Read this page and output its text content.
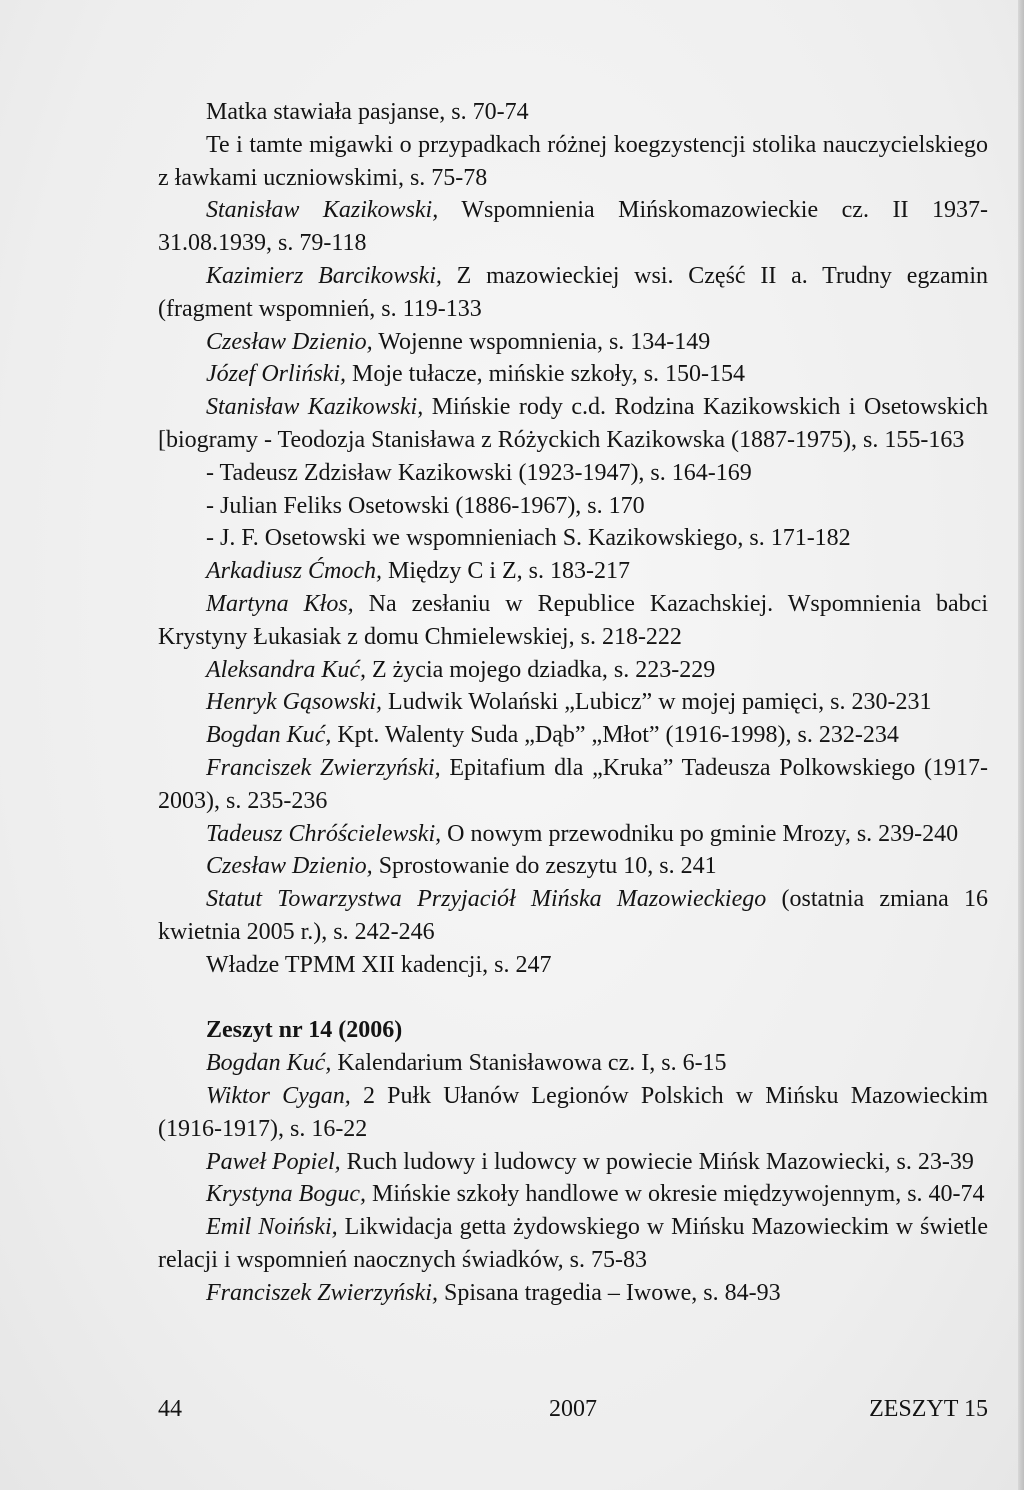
Matka stawiała pasjanse, s. 70-74

Te i tamte migawki o przypadkach różnej koegzystencji stolika nauczycielskiego z ławkami uczniowskimi, s. 75-78

Stanisław Kazikowski, Wspomnienia Mińskomazowieckie cz. II 1937-31.08.1939, s. 79-118

Kazimierz Barcikowski, Z mazowieckiej wsi. Część II a. Trudny egzamin (fragment wspomnień, s. 119-133

Czesław Dzienio, Wojenne wspomnienia, s. 134-149

Józef Orliński, Moje tułacze, mińskie szkoły, s. 150-154

Stanisław Kazikowski, Mińskie rody c.d. Rodzina Kazikowskich i Osetowskich [biogramy - Teodozja Stanisława z Różyckich Kazikowska (1887-1975), s. 155-163

- Tadeusz Zdzisław Kazikowski (1923-1947), s. 164-169

- Julian Feliks Osetowski (1886-1967), s. 170

- J. F. Osetowski we wspomnieniach S. Kazikowskiego, s. 171-182

Arkadiusz Ćmoch, Między C i Z, s. 183-217

Martyna Kłos, Na zesłaniu w Republice Kazachskiej. Wspomnienia babci Krystyny Łukasiak z domu Chmielewskiej, s. 218-222

Aleksandra Kuć, Z życia mojego dziadka, s. 223-229

Henryk Gąsowski, Ludwik Wolański „Lubicz” w mojej pamięci, s. 230-231

Bogdan Kuć, Kpt. Walenty Suda „Dąb” „Młot” (1916-1998), s. 232-234

Franciszek Zwierzyński, Epitafium dla „Kruka” Tadeusza Polkowskiego (1917-2003), s. 235-236

Tadeusz Chróścielewski, O nowym przewodniku po gminie Mrozy, s. 239-240

Czesław Dzienio, Sprostowanie do zeszytu 10, s. 241

Statut Towarzystwa Przyjaciół Mińska Mazowieckiego (ostatnia zmiana 16 kwietnia 2005 r.), s. 242-246

Władze TPMM XII kadencji, s. 247

Zeszyt nr 14 (2006)

Bogdan Kuć, Kalendarium Stanisławowa cz. I, s. 6-15

Wiktor Cygan, 2 Pułk Ułanów Legionów Polskich w Mińsku Mazowieckim (1916-1917), s. 16-22

Paweł Popiel, Ruch ludowy i ludowcy w powiecie Mińsk Mazowiecki, s. 23-39

Krystyna Boguc, Mińskie szkoły handlowe w okresie międzywojennym, s. 40-74

Emil Noiński, Likwidacja getta żydowskiego w Mińsku Mazowieckim w świetle relacji i wspomnień naocznych świadków, s. 75-83

Franciszek Zwierzyński, Spisana tragedia – Iwowe, s. 84-93

44	2007	ZESZYT 15
